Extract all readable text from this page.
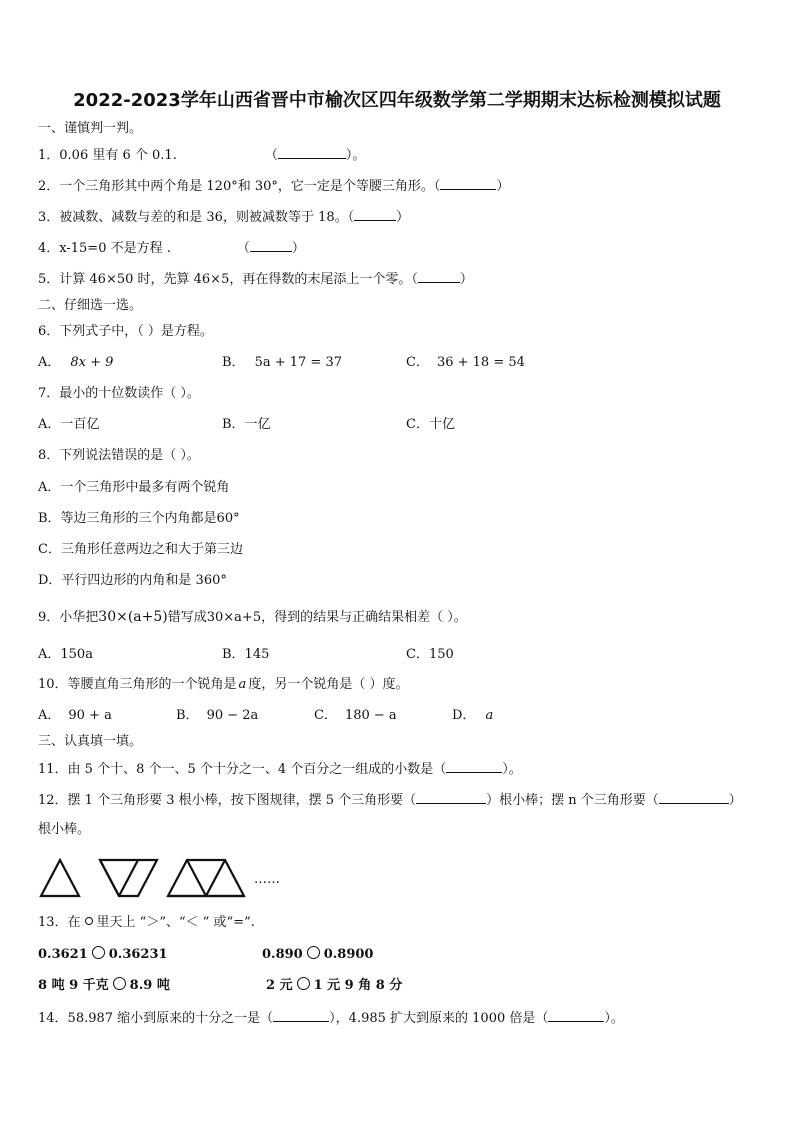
2022-2023学年山西省晋中市榆次区四年级数学第二学期期末达标检测模拟试题
一、谨慎判一判。
1．0.06 里有 6 个 0.1.	（	）。
2．一个三角形其中两个角是 120°和 30°，它一定是个等腰三角形。（	）
3．被减数、减数与差的和是 36，则被减数等于 18。（	）
4．x-15=0 不是方程 .	（	）
5．计算 46×50 时，先算 46×5，再在得数的末尾添上一个零。（	）
二、仔细选一选。
6．下列式子中，（ ）是方程。
A． 8x + 9	B． 5a + 17 = 37	C． 36 + 18 = 54
7．最小的十位数读作（ ）。
A．一百亿	B．一亿	C．十亿
8．下列说法错误的是（ ）。
A．一个三角形中最多有两个锐角
B．等边三角形的三个内角都是60°
C．三角形任意两边之和大于第三边
D．平行四边形的内角和是 360°
9．小华把30×(a+5)错写成30×a+5，得到的结果与正确结果相差（ ）。
A．150a	B．145	C．150
10．等腰直角三角形的一个锐角是 a 度，另一个锐角是（ ）度。
A． 90 + a	B． 90 − 2a	C． 180 − a	D． a
三、认真填一填。
11．由 5 个十、8 个一、5 个十分之一、4 个百分之一组成的小数是（	）。
12．摆 1 个三角形要 3 根小棒，按下图规律，摆 5 个三角形要（	）根小棒；摆 n 个三角形要（	）
根小棒。
……
13．在 里天上 “＞”、“＜ ” 或“=”.
0.3621 0.36231	0.890 0.8900
8 吨 9 千克 8.9 吨	2 元 1 元 9 角 8 分
14．58.987 缩小到原来的十分之一是（	），4.985 扩大到原来的 1000 倍是（	）。
